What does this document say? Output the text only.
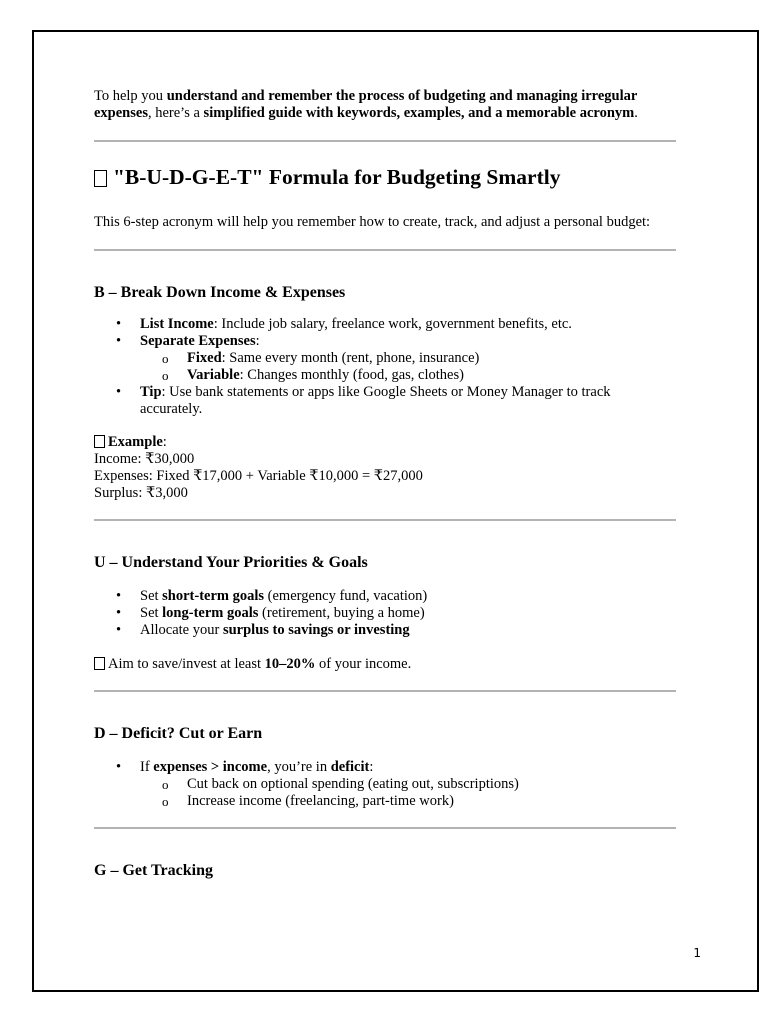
To help you understand and remember the process of budgeting and managing irregular expenses, here’s a simplified guide with keywords, examples, and a memorable acronym.

"B-U-D-G-E-T" Formula for Budgeting Smartly

This 6-step acronym will help you remember how to create, track, and adjust a personal budget:

B – Break Down Income & Expenses
• List Income: Include job salary, freelance work, government benefits, etc.
• Separate Expenses:
o Fixed: Same every month (rent, phone, insurance)
o Variable: Changes monthly (food, gas, clothes)
• Tip: Use bank statements or apps like Google Sheets or Money Manager to track accurately.

Example:

Income: ₹30,000

Expenses: Fixed ₹17,000 + Variable ₹10,000 = ₹27,000

Surplus: ₹3,000

U – Understand Your Priorities & Goals
• Set short-term goals (emergency fund, vacation)
• Set long-term goals (retirement, buying a home)
• Allocate your surplus to savings or investing

Aim to save/invest at least 10–20% of your income.

D – Deficit? Cut or Earn
• If expenses > income, you’re in deficit:
o Cut back on optional spending (eating out, subscriptions)
o Increase income (freelancing, part-time work)
G – Get Tracking
1
